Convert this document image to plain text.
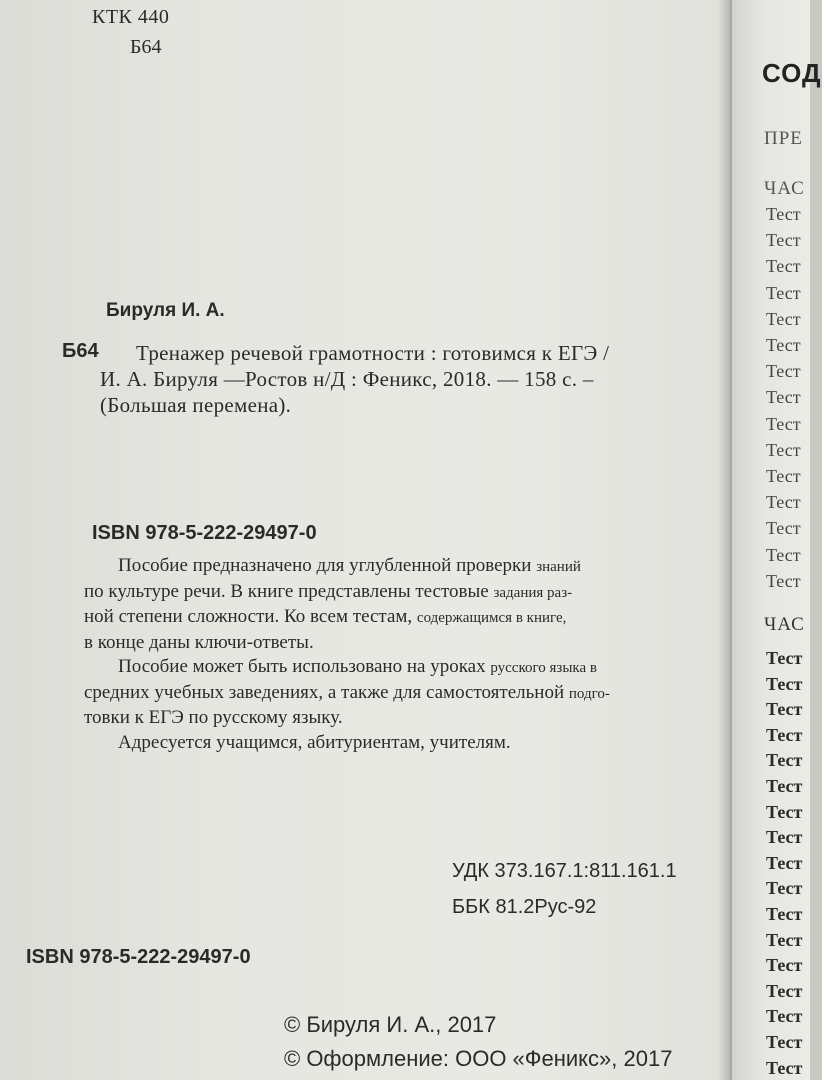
КТК 440
Б64
Бируля И. А.
Б64	Тренажер речевой грамотности : готовимся к ЕГЭ /
И. А. Бируля —Ростов н/Д : Феникс, 2018. — 158 с. –
(Большая перемена).
ISBN 978-5-222-29497-0
Пособие предназначено для углубленной проверки знаний
по культуре речи. В книге представлены тестовые задания раз-
ной степени сложности. Ко всем тестам, содержащимся в книге,
в конце даны ключи-ответы.
Пособие может быть использовано на уроках русского языка в
средних учебных заведениях, а также для самостоятельной подго-
товки к ЕГЭ по русскому языку.
Адресуется учащимся, абитуриентам, учителям.
УДК 373.167.1:811.161.1
ББК 81.2Рус-92
ISBN 978-5-222-29497-0
© Бируля И. А., 2017
© Оформление: ООО «Феникс», 2017
СОД
ПРЕ
ЧАС
Тест
Тест
Тест
Тест
Тест
Тест
Тест
Тест
Тест
Тест
Тест
Тест
Тест
Тест
Тест
ЧАС
Тест
Тест
Тест
Тест
Тест
Тест
Тест
Тест
Тест
Тест
Тест
Тест
Тест
Тест
Тест
Тест
Тест
